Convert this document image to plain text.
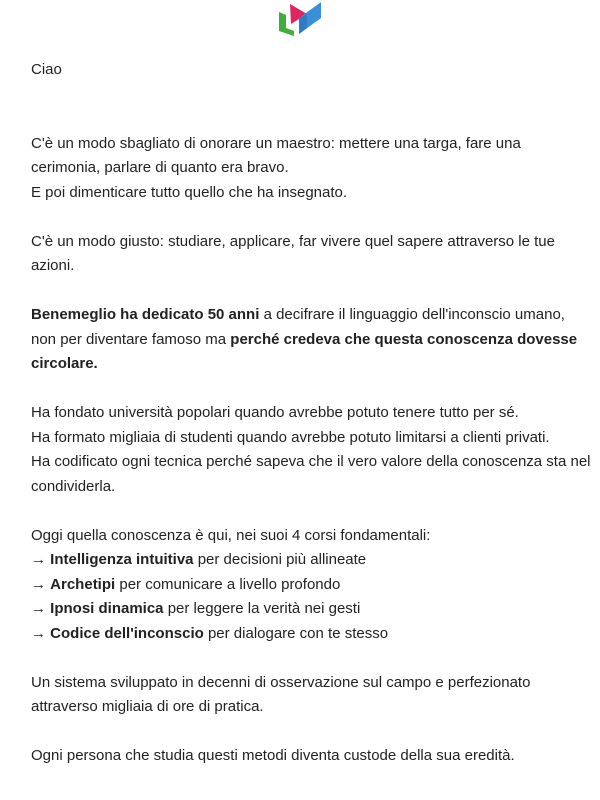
Ciao

C'è un modo sbagliato di onorare un maestro: mettere una targa, fare una cerimonia, parlare di quanto era bravo.
E poi dimenticare tutto quello che ha insegnato.

C'è un modo giusto: studiare, applicare, far vivere quel sapere attraverso le tue azioni.

Benemeglio ha dedicato 50 anni a decifrare il linguaggio dell'inconscio umano, non per diventare famoso ma perché credeva che questa conoscenza dovesse circolare.

Ha fondato università popolari quando avrebbe potuto tenere tutto per sé.
Ha formato migliaia di studenti quando avrebbe potuto limitarsi a clienti privati.
Ha codificato ogni tecnica perché sapeva che il vero valore della conoscenza sta nel condividerla.

Oggi quella conoscenza è qui, nei suoi 4 corsi fondamentali:
→ Intelligenza intuitiva per decisioni più allineate
→ Archetipi per comunicare a livello profondo
→ Ipnosi dinamica per leggere la verità nei gesti
→ Codice dell'inconscio per dialogare con te stesso

Un sistema sviluppato in decenni di osservazione sul campo e perfezionato attraverso migliaia di ore di pratica.

Ogni persona che studia questi metodi diventa custode della sua eredità.
